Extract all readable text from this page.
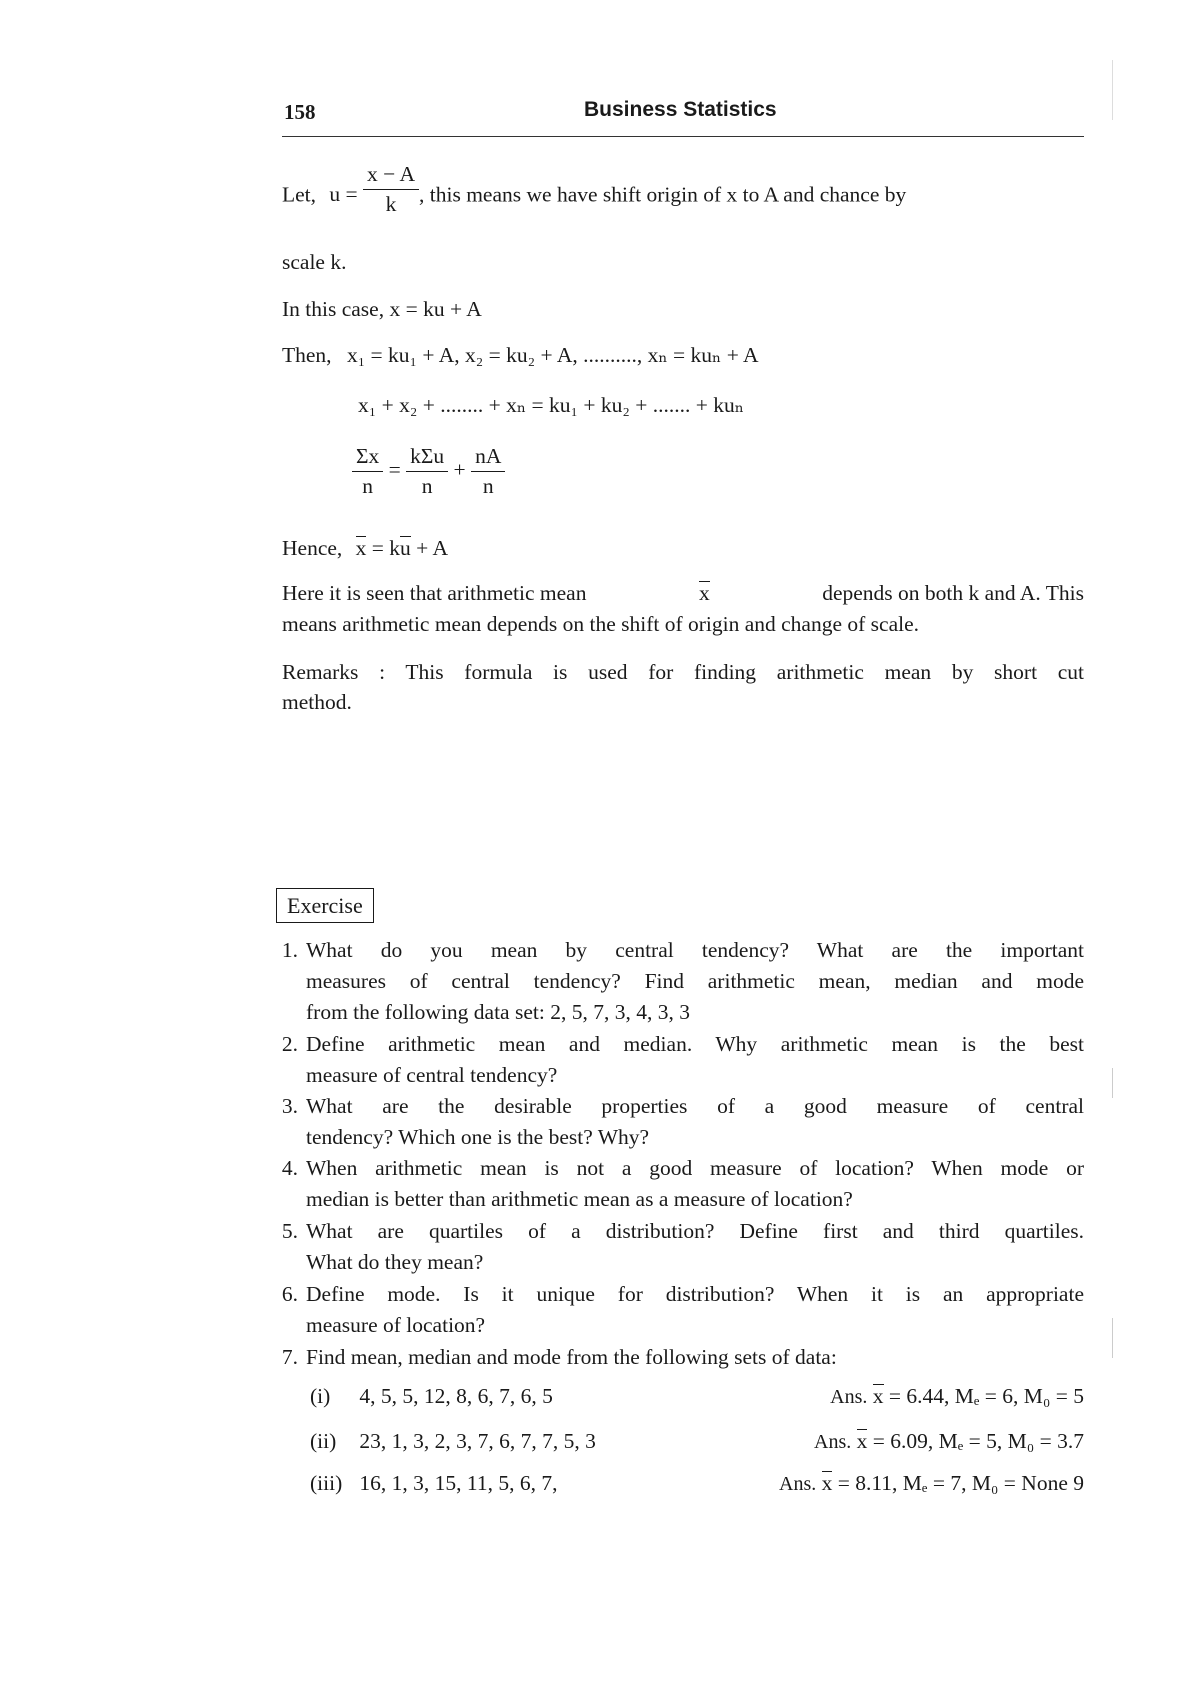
158	Business Statistics
Let, $u = \frac{x - A}{k}$ , this means we have shift origin of x to A and chance by
scale k.
In this case, x = ku + A
Then, x₁ = ku₁ + A, x₂ = ku₂ + A, .........., xₙ = kuₙ + A
x₁ + x₂ + ........ + xₙ = ku₁ + ku₂ + ....... + kuₙ
$\frac{\Sigma x}{n} = \frac{\text{kΣu}}{n} + \frac{nA}{n}$
Hence, x = ku + A
Here it is seen that arithmetic mean	x	depends on both k and A. This
means arithmetic mean depends on the shift of origin and change of scale.
Remarks : This formula is used for finding arithmetic mean by short cut
method.
Exercise
1. What do you mean by central tendency? What are the important
measures of central tendency? Find arithmetic mean, median and mode
from the following data set: 2, 5, 7, 3, 4, 3, 3
2. Define arithmetic mean and median. Why arithmetic mean is the best
measure of central tendency?
3. What are the desirable properties of a good measure of central
tendency? Which one is the best? Why?
4. When arithmetic mean is not a good measure of location? When mode or
median is better than arithmetic mean as a measure of location?
5. What are quartiles of a distribution? Define first and third quartiles.
What do they mean?
6. Define mode. Is it unique for distribution? When it is an appropriate
measure of location?
7. Find mean, median and mode from the following sets of data:
(i) 4, 5, 5, 12, 8, 6, 7, 6, 5	Ans. x = 6.44, Mₑ = 6, M₀ = 5
(ii) 23, 1, 3, 2, 3, 7, 6, 7, 7, 5, 3	Ans. x = 6.09, Mₑ = 5, M₀ = 3.7
(iii) 16, 1, 3, 15, 11, 5, 6, 7,	Ans. x = 8.11, Mₑ = 7, M₀ = None 9
